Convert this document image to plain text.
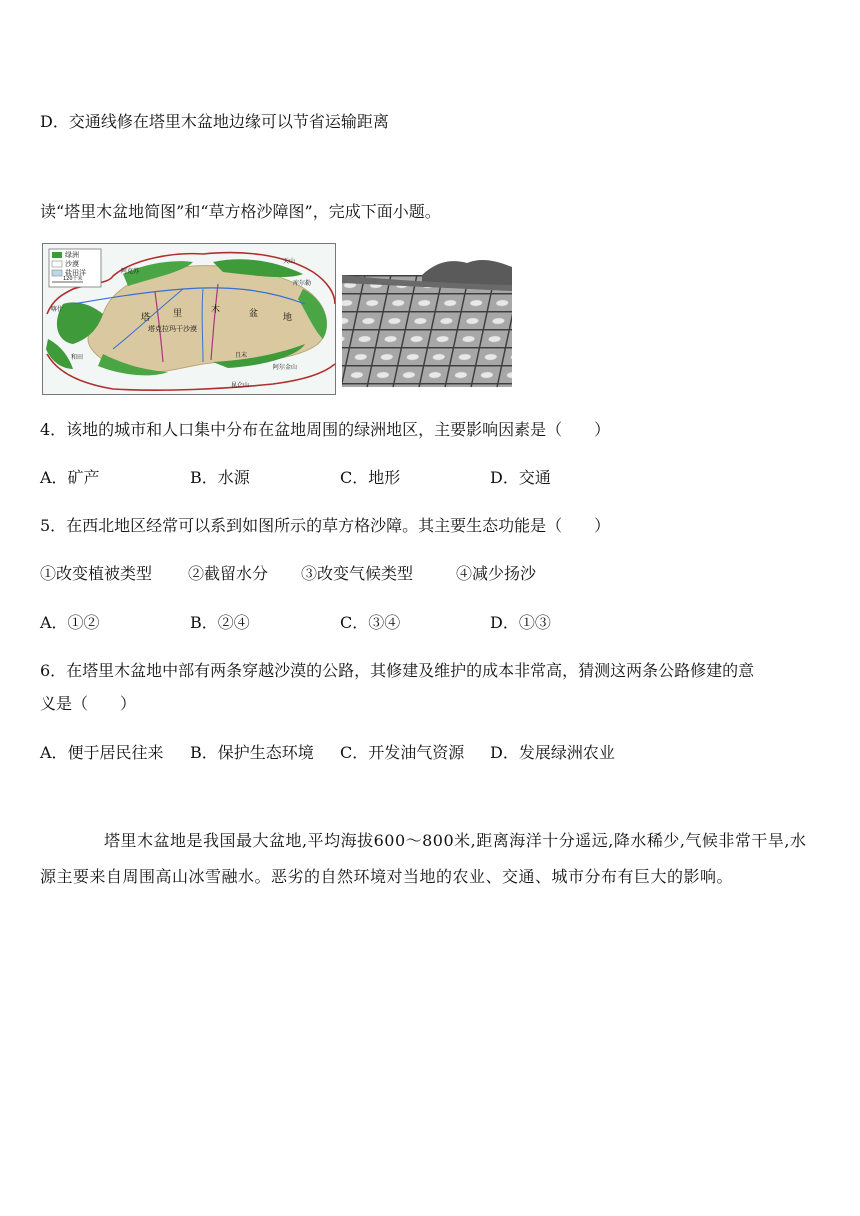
D．交通线修在塔里木盆地边缘可以节省运输距离
读“塔里木盆地简图”和“草方格沙障图”，完成下面小题。
绿洲
沙漠
盐田洋
120千米
塔	里	木	盆	地
塔克拉玛干沙漠
阿克苏
喀什
和田	且末
库尔勒
阿尔金山
昆仑山
天山
4．该地的城市和人口集中分布在盆地周围的绿洲地区，主要影响因素是（　　）
A．矿产	B．水源	C．地形	D．交通
5．在西北地区经常可以系到如图所示的草方格沙障。其主要生态功能是（　　）
①改变植被类型	②截留水分	③改变气候类型	④减少扬沙
A．①②	B．②④	C．③④	D．①③
6．在塔里木盆地中部有两条穿越沙漠的公路，其修建及维护的成本非常高，猜测这两条公路修建的意
义是（　　）
A．便于居民往来	B．保护生态环境	C．开发油气资源	D．发展绿洲农业
塔里木盆地是我国最大盆地,平均海拔600～800米,距离海洋十分遥远,降水稀少,气候非常干旱,水源主要来自周围高山冰雪融水。恶劣的自然环境对当地的农业、交通、城市分布有巨大的影响。
